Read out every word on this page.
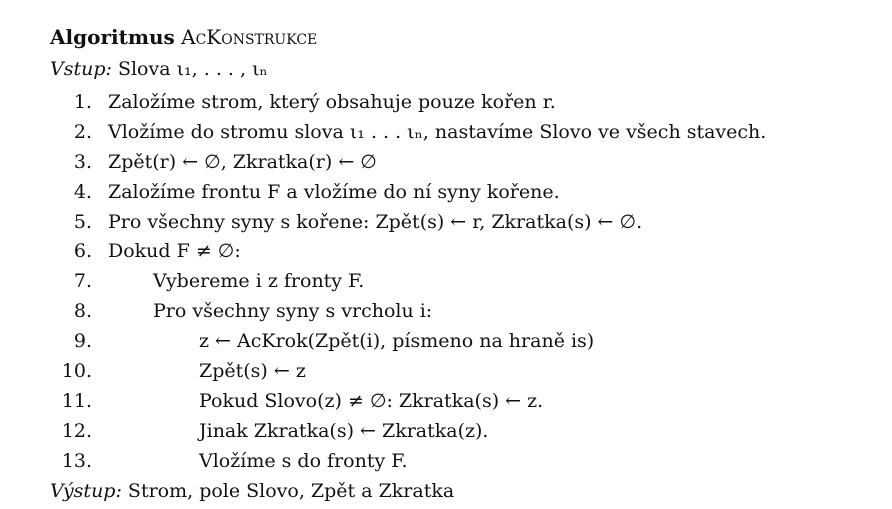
Algoritmus AcKonstrukce
Vstup: Slova ι₁, . . . , ιₙ
1. Založíme strom, který obsahuje pouze kořen r.
2. Vložíme do stromu slova ι₁ . . . ιₙ, nastavíme Slovo ve všech stavech.
3. Zpět(r) ← ∅, Zkratka(r) ← ∅
4. Založíme frontu F a vložíme do ní syny kořene.
5. Pro všechny syny s kořene: Zpět(s) ← r, Zkratka(s) ← ∅.
6. Dokud F ≠ ∅:
7.	Vybereme i z fronty F.
8.	Pro všechny syny s vrcholu i:
9.	z ← AcKrok(Zpět(i), písmeno na hraně is)
10.	Zpět(s) ← z
11.	Pokud Slovo(z) ≠ ∅: Zkratka(s) ← z.
12.	Jinak Zkratka(s) ← Zkratka(z).
13.	Vložíme s do fronty F.
Výstup: Strom, pole Slovo, Zpět a Zkratka
